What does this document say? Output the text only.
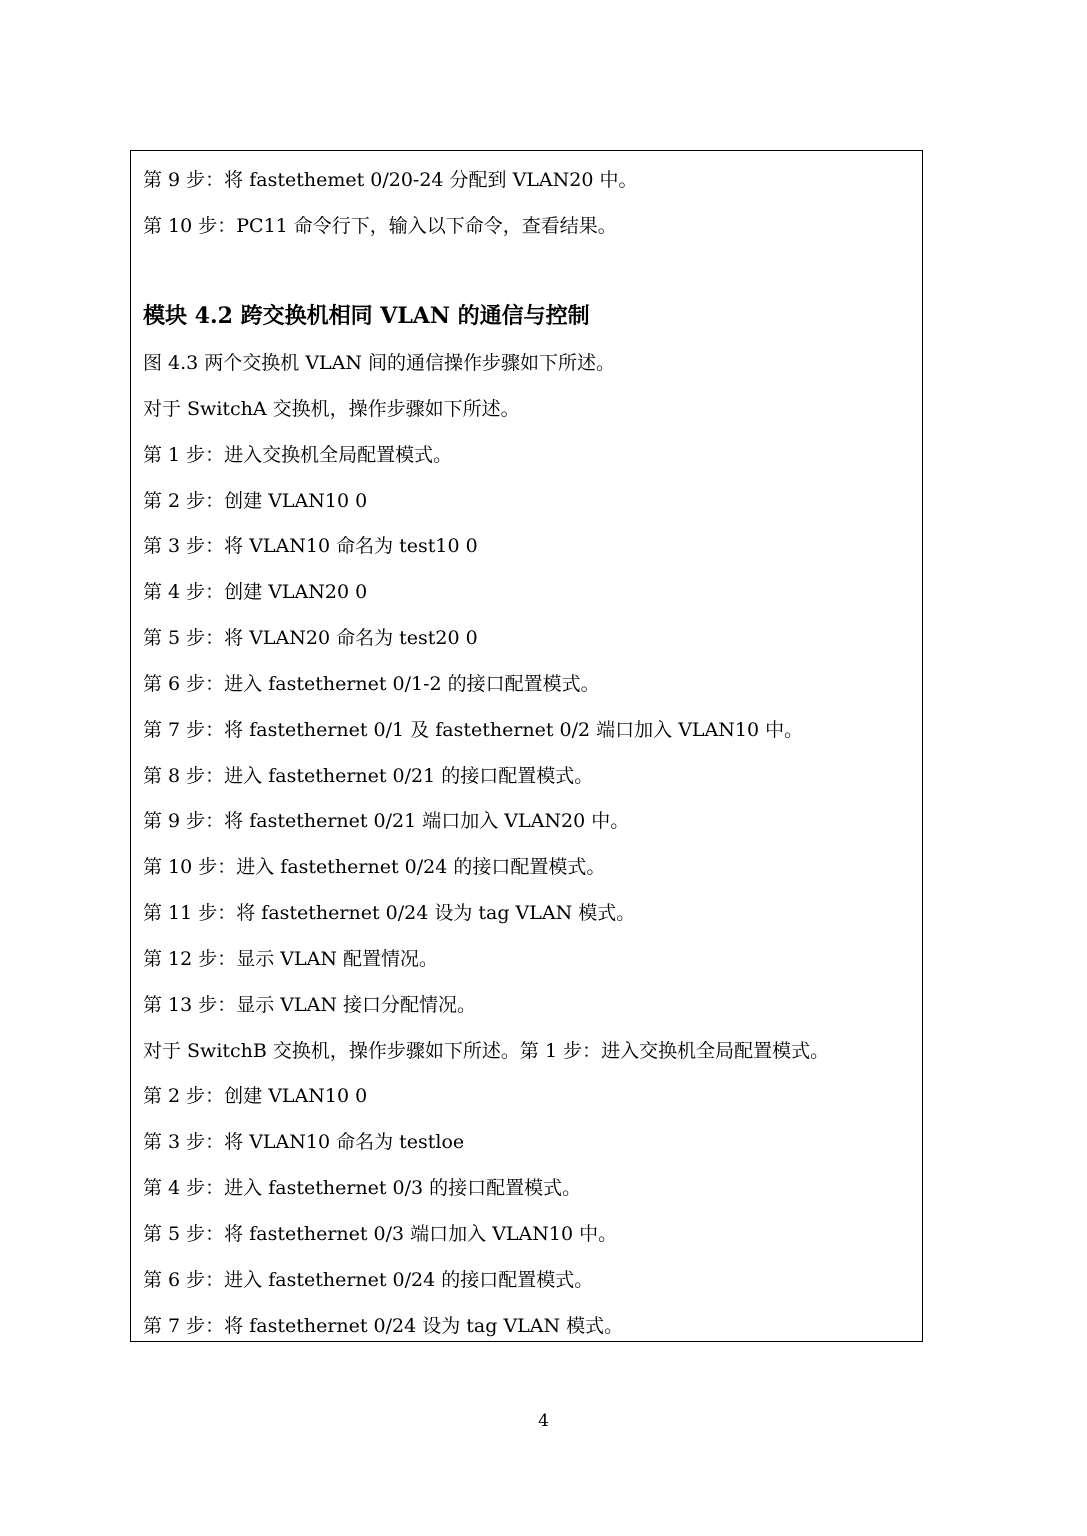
第 9 步：将 fastethemet 0/20-24 分配到 VLAN20 中。
第 10 步：PC11 命令行下，输入以下命令，查看结果。
模块 4.2 跨交换机相同 VLAN 的通信与控制
图 4.3 两个交换机 VLAN 间的通信操作步骤如下所述。
对于 SwitchA 交换机，操作步骤如下所述。
第 1 步：进入交换机全局配置模式。
第 2 步：创建 VLAN10 0
第 3 步：将 VLAN10 命名为 test10 0
第 4 步：创建 VLAN20 0
第 5 步：将 VLAN20 命名为 test20 0
第 6 步：进入 fastethernet 0/1-2 的接口配置模式。
第 7 步：将 fastethernet 0/1 及 fastethernet 0/2 端口加入 VLAN10 中。
第 8 步：进入 fastethernet 0/21 的接口配置模式。
第 9 步：将 fastethernet 0/21 端口加入 VLAN20 中。
第 10 步：进入 fastethernet 0/24 的接口配置模式。
第 11 步：将 fastethernet 0/24 设为 tag VLAN 模式。
第 12 步：显示 VLAN 配置情况。
第 13 步：显示 VLAN 接口分配情况。
对于 SwitchB 交换机，操作步骤如下所述。第 1 步：进入交换机全局配置模式。
第 2 步：创建 VLAN10 0
第 3 步：将 VLAN10 命名为 testloe
第 4 步：进入 fastethernet 0/3 的接口配置模式。
第 5 步：将 fastethernet 0/3 端口加入 VLAN10 中。
第 6 步：进入 fastethernet 0/24 的接口配置模式。
第 7 步：将 fastethernet 0/24 设为 tag VLAN 模式。
4
